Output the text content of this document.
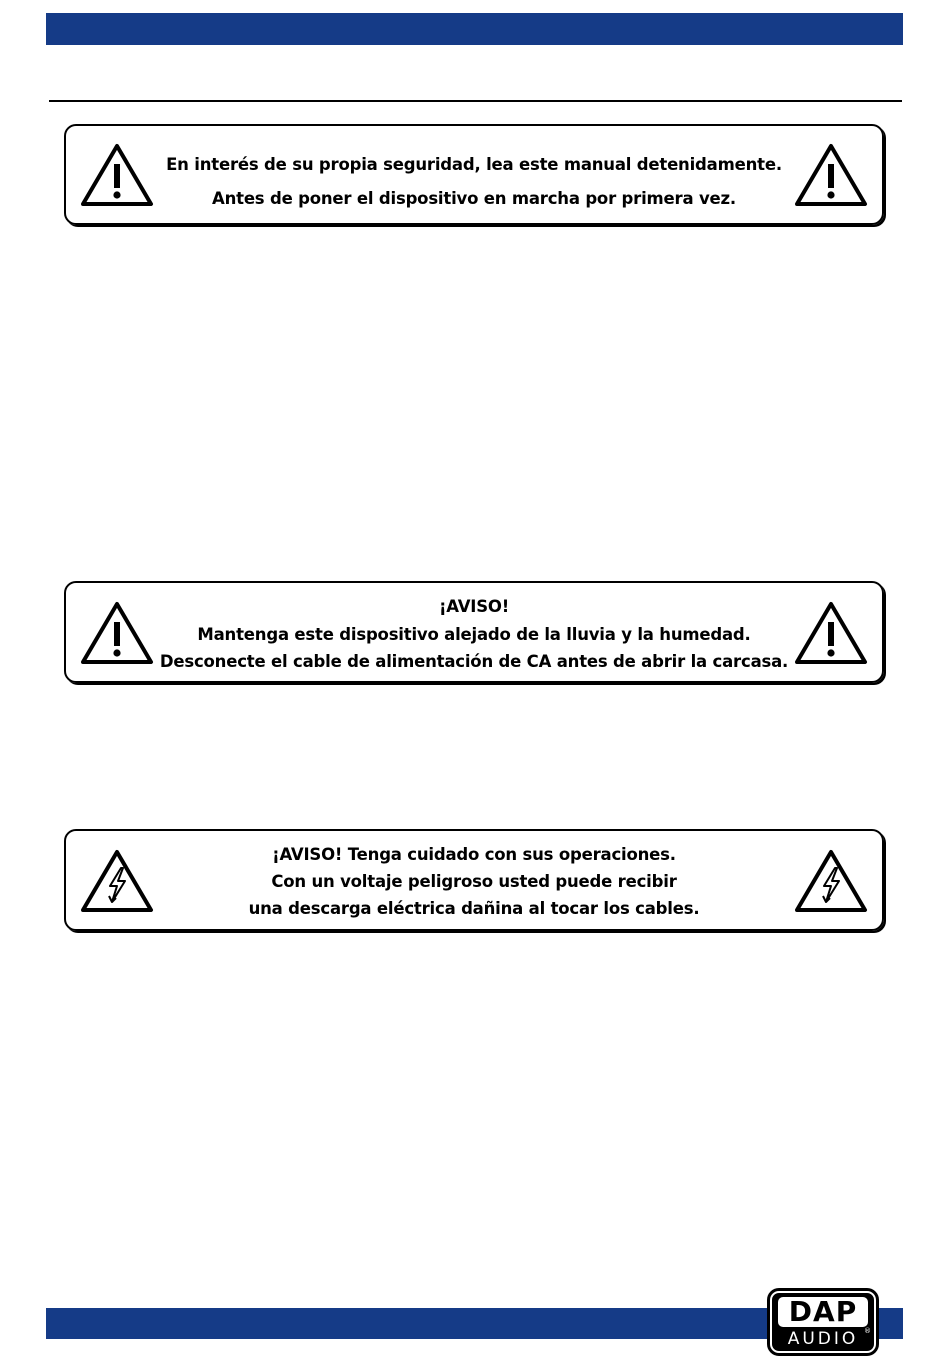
En interés de su propia seguridad, lea este manual detenidamente.
Antes de poner el dispositivo en marcha por primera vez.
¡AVISO!
Mantenga este dispositivo alejado de la lluvia y la humedad.
Desconecte el cable de alimentación de CA antes de abrir la carcasa.
¡AVISO! Tenga cuidado con sus operaciones.
Con un voltaje peligroso usted puede recibir
una descarga eléctrica dañina al tocar los cables.
DAP
®
AUDIO
